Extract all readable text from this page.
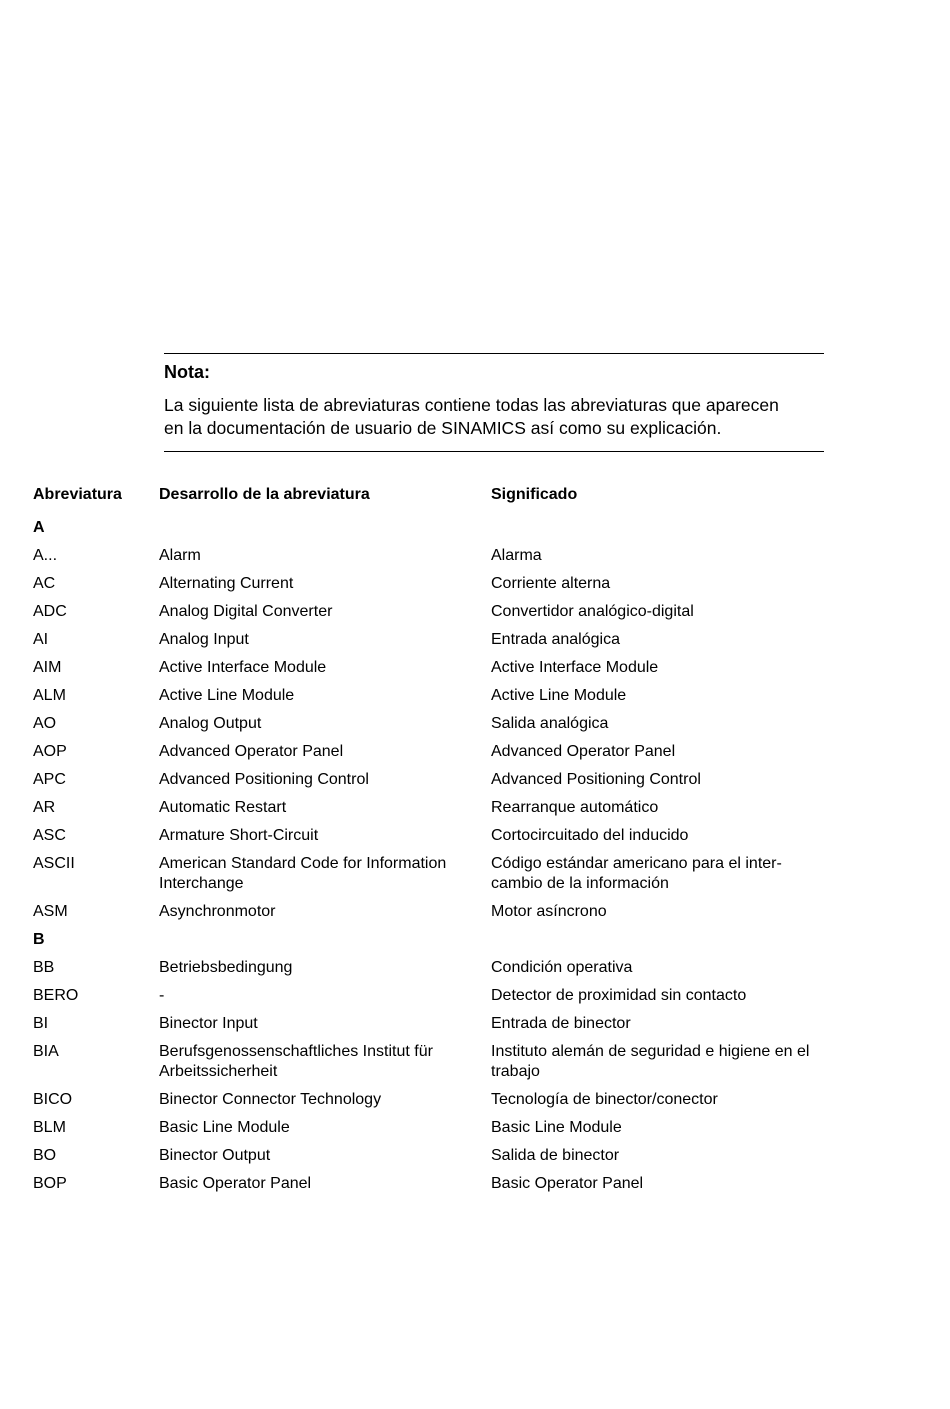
Nota:
La siguiente lista de abreviaturas contiene todas las abreviaturas que aparecen
en la documentación de usuario de SINAMICS así como su explicación.
Abreviatura	Desarrollo de la abreviatura	Significado
A		
A...	Alarm	Alarma
AC	Alternating Current	Corriente alterna
ADC	Analog Digital Converter	Convertidor analógico-digital
AI	Analog Input	Entrada analógica
AIM	Active Interface Module	Active Interface Module
ALM	Active Line Module	Active Line Module
AO	Analog Output	Salida analógica
AOP	Advanced Operator Panel	Advanced Operator Panel
APC	Advanced Positioning Control	Advanced Positioning Control
AR	Automatic Restart	Rearranque automático
ASC	Armature Short-Circuit	Cortocircuitado del inducido
ASCII	American Standard Code for Information Interchange	Código estándar americano para el inter-cambio de la información
ASM	Asynchronmotor	Motor asíncrono
B		
BB	Betriebsbedingung	Condición operativa
BERO	-	Detector de proximidad sin contacto
BI	Binector Input	Entrada de binector
BIA	Berufsgenossenschaftliches Institut für Arbeitssicherheit	Instituto alemán de seguridad e higiene en el trabajo
BICO	Binector Connector Technology	Tecnología de binector/conector
BLM	Basic Line Module	Basic Line Module
BO	Binector Output	Salida de binector
BOP	Basic Operator Panel	Basic Operator Panel
